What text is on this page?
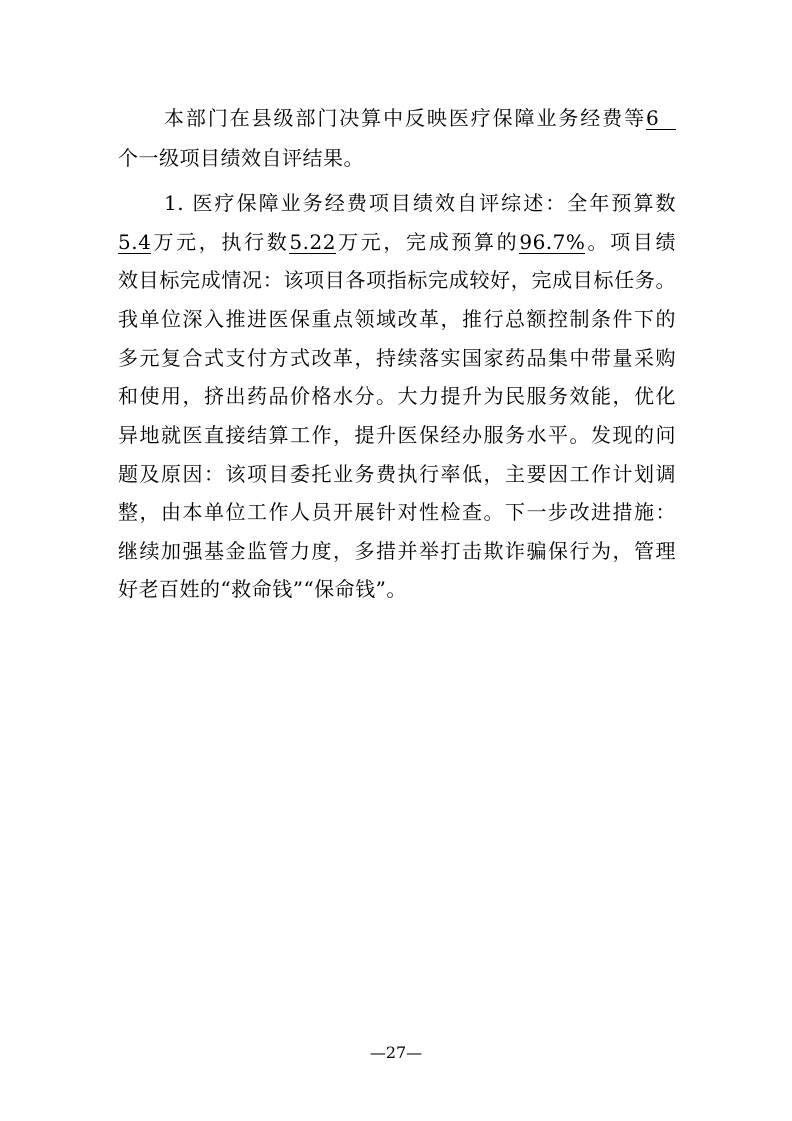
本部门在县级部门决算中反映医疗保障业务经费等6
个一级项目绩效自评结果。
1. 医疗保障业务经费项目绩效自评综述：全年预算数
5.4万元，执行数5.22万元，完成预算的96.7%。项目绩
效目标完成情况：该项目各项指标完成较好，完成目标任务。
我单位深入推进医保重点领域改革，推行总额控制条件下的
多元复合式支付方式改革，持续落实国家药品集中带量采购
和使用，挤出药品价格水分。大力提升为民服务效能，优化
异地就医直接结算工作，提升医保经办服务水平。发现的问
题及原因：该项目委托业务费执行率低，主要因工作计划调
整，由本单位工作人员开展针对性检查。下一步改进措施：
继续加强基金监管力度，多措并举打击欺诈骗保行为，管理
好老百姓的“救命钱”“保命钱”。
—27—
